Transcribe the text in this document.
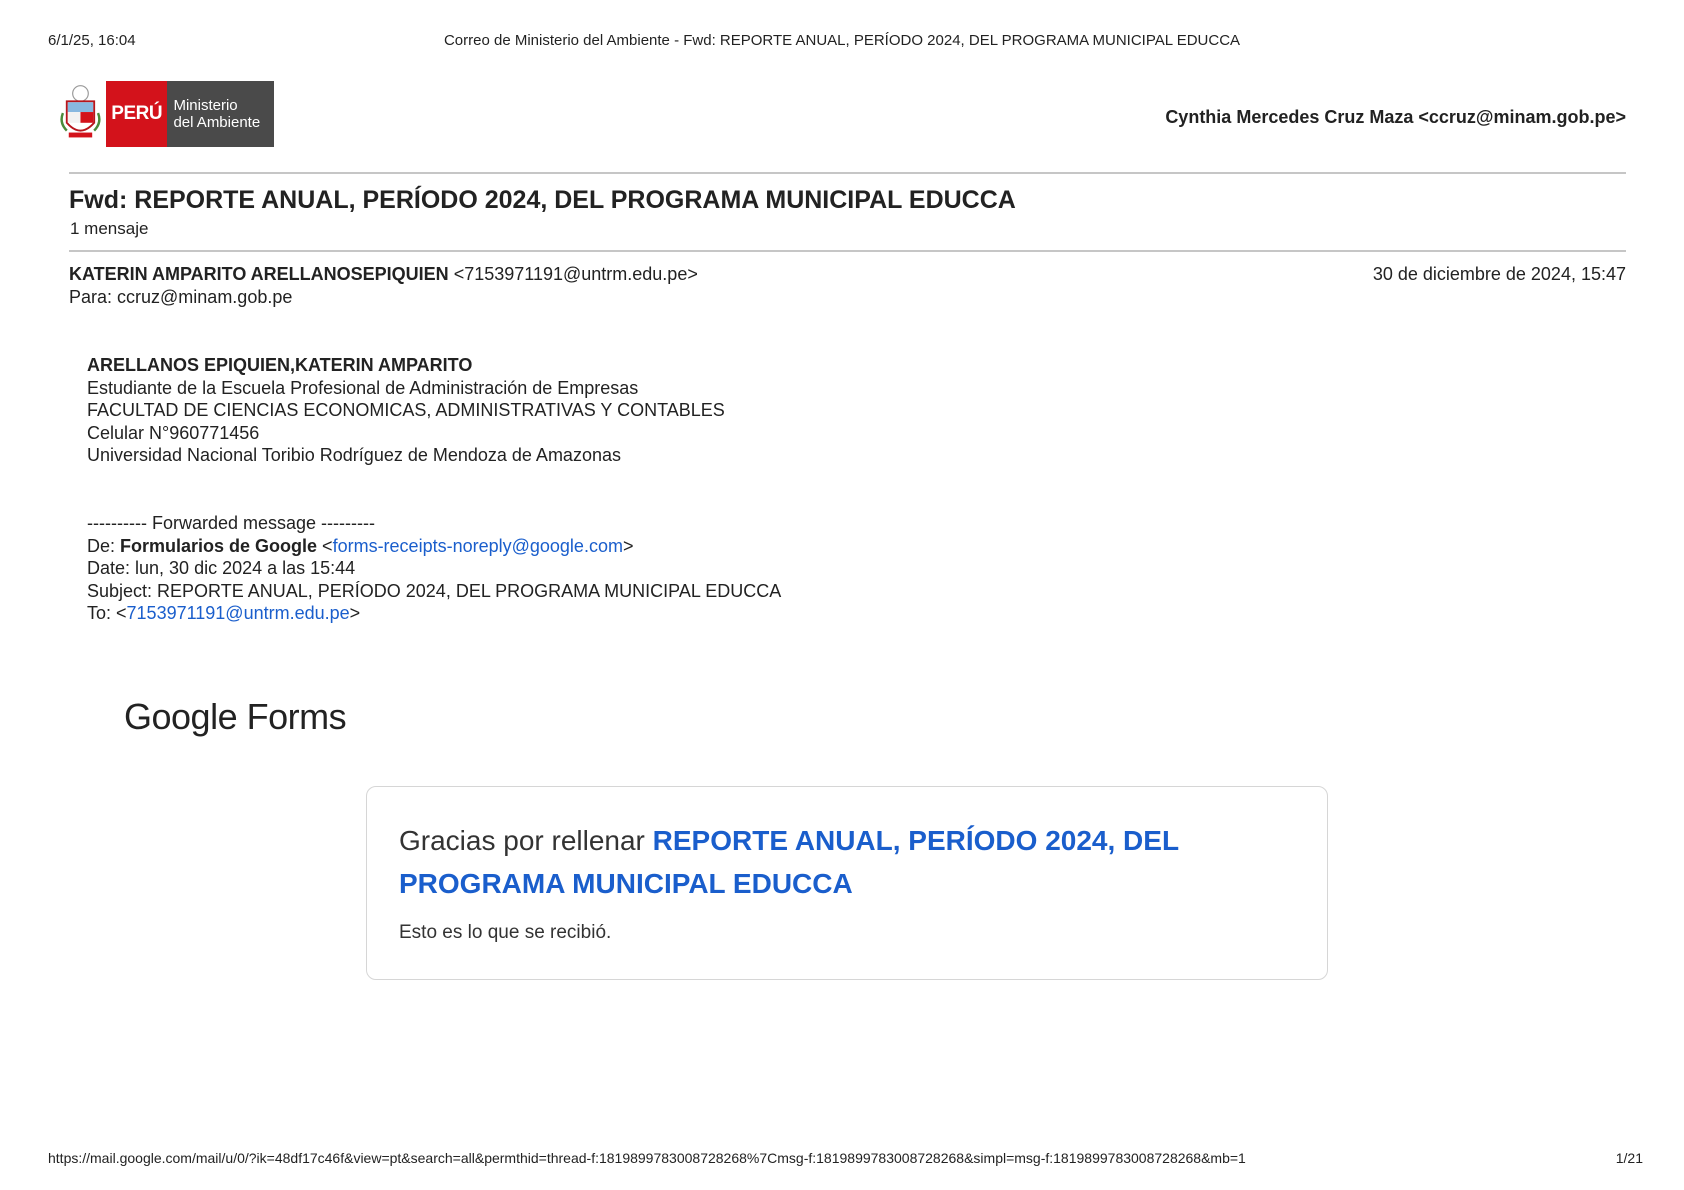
6/1/25, 16:04	Correo de Ministerio del Ambiente - Fwd: REPORTE ANUAL, PERÍODO 2024, DEL PROGRAMA MUNICIPAL EDUCCA
PERÚ Ministerio
del Ambiente	Cynthia Mercedes Cruz Maza <ccruz@minam.gob.pe>
Fwd: REPORTE ANUAL, PERÍODO 2024, DEL PROGRAMA MUNICIPAL EDUCCA
1 mensaje
KATERIN AMPARITO ARELLANOSEPIQUIEN <7153971191@untrm.edu.pe>	30 de diciembre de 2024, 15:47
Para: ccruz@minam.gob.pe
ARELLANOS EPIQUIEN,KATERIN AMPARITO
Estudiante de la Escuela Profesional de Administración de Empresas
FACULTAD DE CIENCIAS ECONOMICAS, ADMINISTRATIVAS Y CONTABLES
Celular N°960771456
Universidad Nacional Toribio Rodríguez de Mendoza de Amazonas
---------- Forwarded message ---------
De: Formularios de Google <forms-receipts-noreply@google.com>
Date: lun, 30 dic 2024 a las 15:44
Subject: REPORTE ANUAL, PERÍODO 2024, DEL PROGRAMA MUNICIPAL EDUCCA
To: <7153971191@untrm.edu.pe>
Google Forms
Gracias por rellenar REPORTE ANUAL, PERÍODO 2024, DEL PROGRAMA MUNICIPAL EDUCCA
Esto es lo que se recibió.
https://mail.google.com/mail/u/0/?ik=48df17c46f&view=pt&search=all&permthid=thread-f:1819899783008728268%7Cmsg-f:1819899783008728268&simpl=msg-f:1819899783008728268&mb=1	1/21
